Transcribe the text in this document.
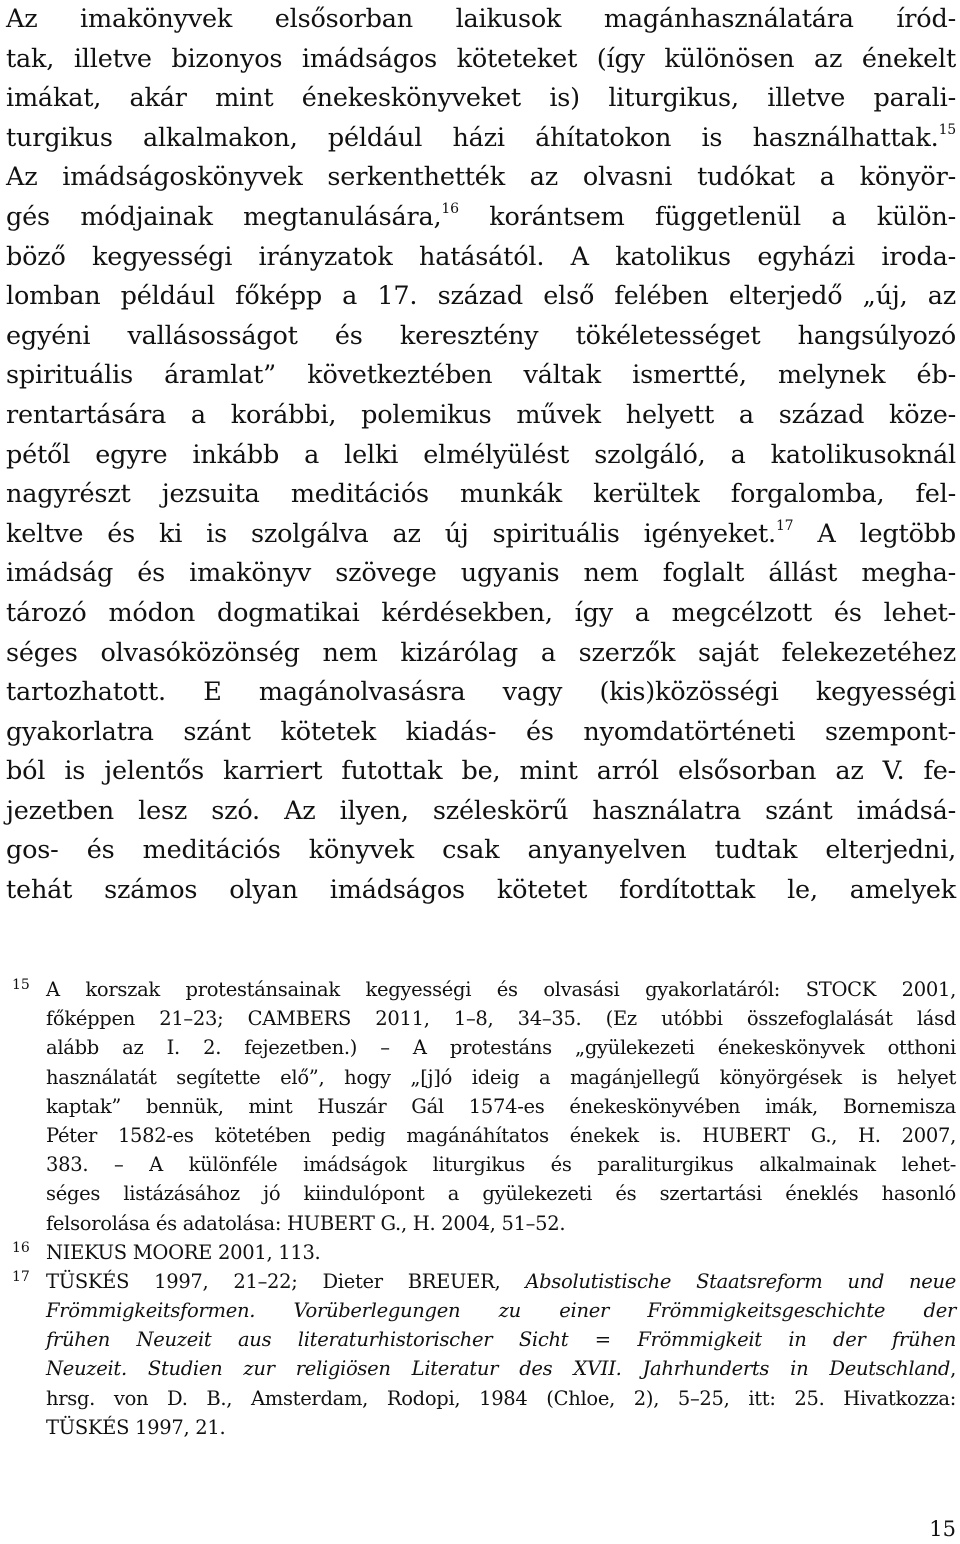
Az imakönyvek elsősorban laikusok magánhasználatára íród-
tak, illetve bizonyos imádságos köteteket (így különösen az énekelt
imákat, akár mint énekeskönyveket is) liturgikus, illetve parali-
turgikus alkalmakon, például házi áhítatokon is használhattak.$^{15}$
Az imádságoskönyvek serkenthették az olvasni tudókat a könyör-
gés módjainak megtanulására,$^{16}$ korántsem függetlenül a külön-
böző kegyességi irányzatok hatásától. A katolikus egyházi iroda-
lomban például főképp a 17. század első felében elterjedő „új, az
egyéni vallásosságot és keresztény tökéletességet hangsúlyozó
spirituális áramlat” következtében váltak ismertté, melynek éb-
rentartására a korábbi, polemikus művek helyett a század köze-
pétől egyre inkább a lelki elmélyülést szolgáló, a katolikusoknál
nagyrészt jezsuita meditációs munkák kerültek forgalomba, fel-
keltve és ki is szolgálva az új spirituális igényeket.$^{17}$ A legtöbb
imádság és imakönyv szövege ugyanis nem foglalt állást megha-
tározó módon dogmatikai kérdésekben, így a megcélzott és lehet-
séges olvasóközönség nem kizárólag a szerzők saját felekezetéhez
tartozhatott. E magánolvasásra vagy (kis)közösségi kegyességi
gyakorlatra szánt kötetek kiadás- és nyomdatörténeti szempont-
ból is jelentős karriert futottak be, mint arról elsősorban az V. fe-
jezetben lesz szó. Az ilyen, széleskörű használatra szánt imádsá-
gos- és meditációs könyvek csak anyanyelven tudtak elterjedni,
tehát számos olyan imádságos kötetet fordítottak le, amelyek
15 A korszak protestánsainak kegyességi és olvasási gyakorlatáról: STOCK 2001,
főképpen 21–23; CAMBERS 2011, 1–8, 34–35. (Ez utóbbi összefoglalását lásd
alább az I. 2. fejezetben.) – A protestáns „gyülekezeti énekeskönyvek otthoni
használatát segítette elő”, hogy „[j]ó ideig a magánjellegű könyörgések is helyet
kaptak” bennük, mint Huszár Gál 1574-es énekeskönyvében imák, Bornemisza
Péter 1582-es kötetében pedig magánáhítatos énekek is. HUBERT G., H. 2007,
383. – A különféle imádságok liturgikus és paraliturgikus alkalmainak lehet-
séges listázásához jó kiindulópont a gyülekezeti és szertartási éneklés hasonló
felsorolása és adatolása: HUBERT G., H. 2004, 51–52.
16 NIEKUS MOORE 2001, 113.
17 TÜSKÉS 1997, 21–22; Dieter BREUER, Absolutistische Staatsreform und neue
Frömmigkeitsformen. Vorüberlegungen zu einer Frömmigkeitsgeschichte der
frühen Neuzeit aus literaturhistorischer Sicht = Frömmigkeit in der frühen
Neuzeit. Studien zur religiösen Literatur des XVII. Jahrhunderts in Deutschland,
hrsg. von D. B., Amsterdam, Rodopi, 1984 (Chloe, 2), 5–25, itt: 25. Hivatkozza:
TÜSKÉS 1997, 21.
15
